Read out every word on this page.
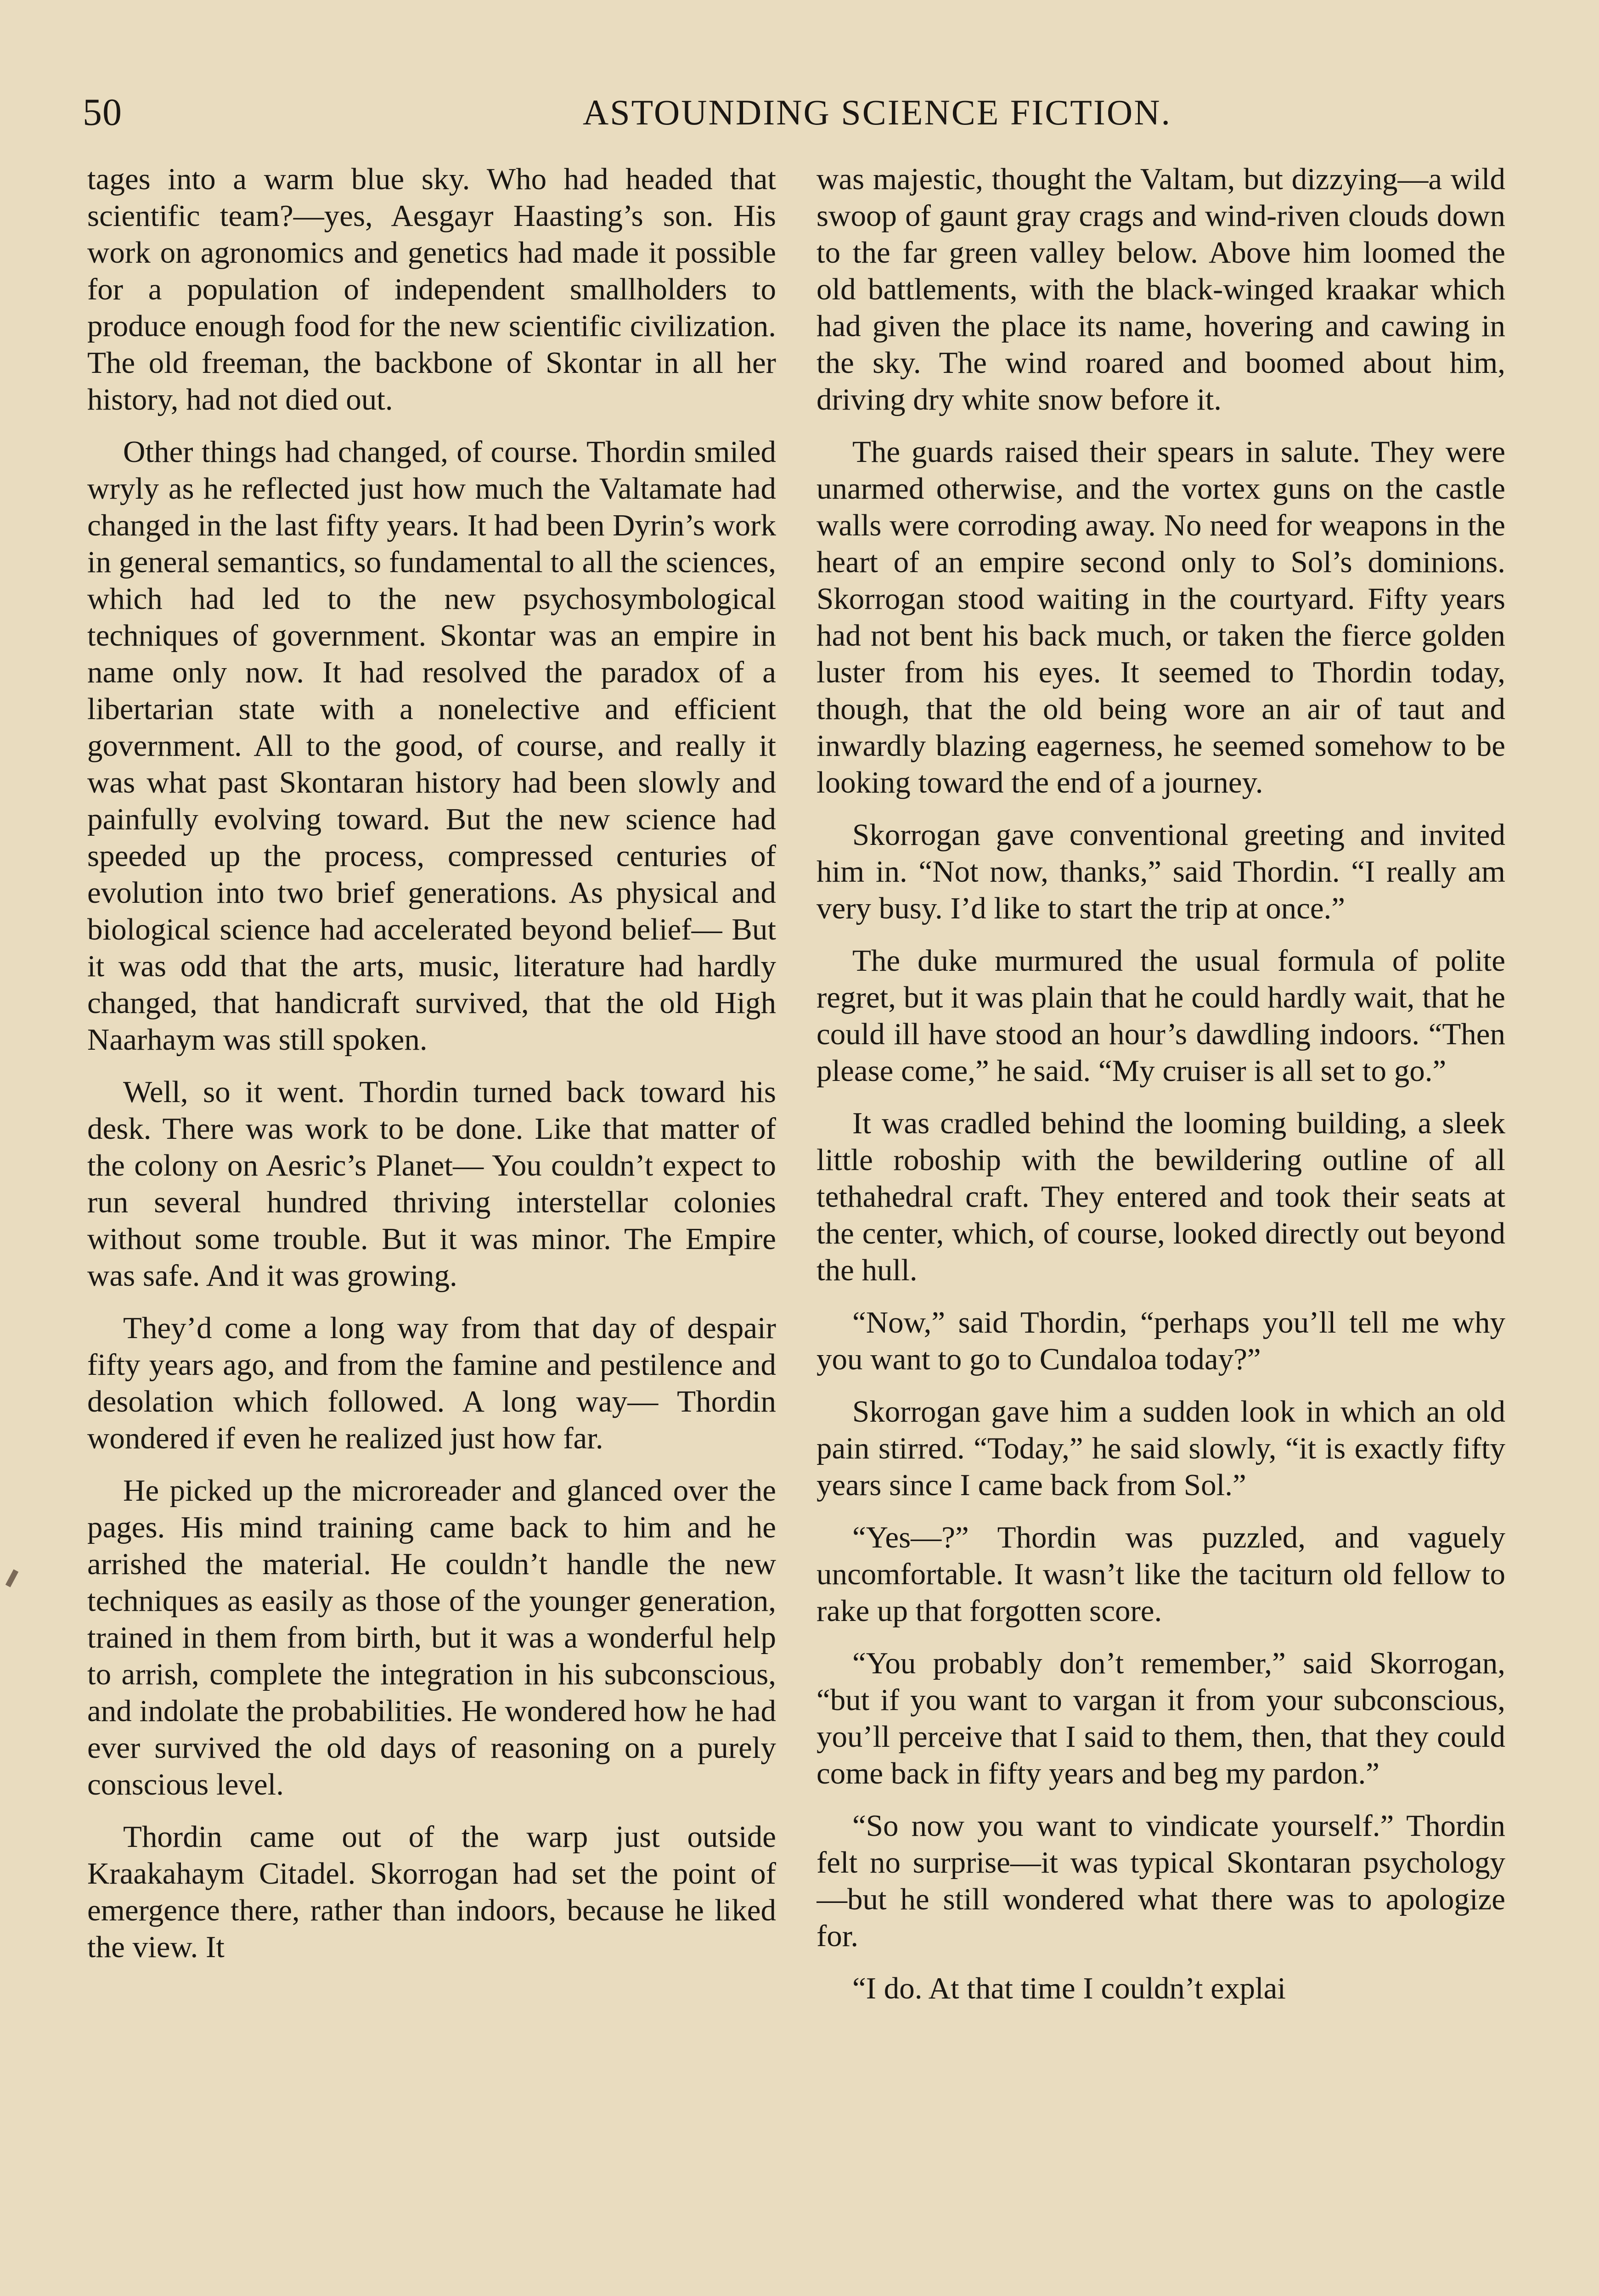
50	ASTOUNDING SCIENCE FICTION.

tages into a warm blue sky. Who had headed that scientific team?—yes, Aesgayr Haasting’s son. His work on agronomics and genetics had made it possible for a population of independent smallholders to produce enough food for the new scientific civilization. The old freeman, the backbone of Skontar in all her history, had not died out.

Other things had changed, of course. Thordin smiled wryly as he reflected just how much the Valtamate had changed in the last fifty years. It had been Dyrin’s work in general semantics, so fundamental to all the sciences, which had led to the new psychosymbological techniques of government. Skontar was an empire in name only now. It had resolved the paradox of a libertarian state with a nonelective and efficient government. All to the good, of course, and really it was what past Skontaran history had been slowly and painfully evolving toward. But the new science had speeded up the process, compressed centuries of evolution into two brief generations. As physical and biological science had accelerated beyond belief— But it was odd that the arts, music, literature had hardly changed, that handicraft survived, that the old High Naarhaym was still spoken.

Well, so it went. Thordin turned back toward his desk. There was work to be done. Like that matter of the colony on Aesric’s Planet— You couldn’t expect to run several hundred thriving interstellar colonies without some trouble. But it was minor. The Empire was safe. And it was growing.

They’d come a long way from that day of despair fifty years ago, and from the famine and pestilence and desolation which followed. A long way— Thordin wondered if even he realized just how far.

He picked up the microreader and glanced over the pages. His mind training came back to him and he arrished the material. He couldn’t handle the new techniques as easily as those of the younger generation, trained in them from birth, but it was a wonderful help to arrish, complete the integration in his subconscious, and indolate the probabilities. He wondered how he had ever survived the old days of reasoning on a purely conscious level.

Thordin came out of the warp just outside Kraakahaym Citadel. Skorrogan had set the point of emergence there, rather than indoors, because he liked the view. It

was majestic, thought the Valtam, but dizzying—a wild swoop of gaunt gray crags and wind-riven clouds down to the far green valley below. Above him loomed the old battlements, with the black-winged kraakar which had given the place its name, hovering and cawing in the sky. The wind roared and boomed about him, driving dry white snow before it.

The guards raised their spears in salute. They were unarmed otherwise, and the vortex guns on the castle walls were corroding away. No need for weapons in the heart of an empire second only to Sol’s dominions. Skorrogan stood waiting in the courtyard. Fifty years had not bent his back much, or taken the fierce golden luster from his eyes. It seemed to Thordin today, though, that the old being wore an air of taut and inwardly blazing eagerness, he seemed somehow to be looking toward the end of a journey.

Skorrogan gave conventional greeting and invited him in. “Not now, thanks,” said Thordin. “I really am very busy. I’d like to start the trip at once.”

The duke murmured the usual formula of polite regret, but it was plain that he could hardly wait, that he could ill have stood an hour’s dawdling indoors. “Then please come,” he said. “My cruiser is all set to go.”

It was cradled behind the looming building, a sleek little roboship with the bewildering outline of all tethahedral craft. They entered and took their seats at the center, which, of course, looked directly out beyond the hull.

“Now,” said Thordin, “perhaps you’ll tell me why you want to go to Cundaloa today?”

Skorrogan gave him a sudden look in which an old pain stirred. “Today,” he said slowly, “it is exactly fifty years since I came back from Sol.”

“Yes—?” Thordin was puzzled, and vaguely uncomfortable. It wasn’t like the taciturn old fellow to rake up that forgotten score.

“You probably don’t remember,” said Skorrogan, “but if you want to vargan it from your subconscious, you’ll perceive that I said to them, then, that they could come back in fifty years and beg my pardon.”

“So now you want to vindicate yourself.” Thordin felt no surprise—it was typical Skontaran psychology—but he still wondered what there was to apologize for.

“I do. At that time I couldn’t explai
